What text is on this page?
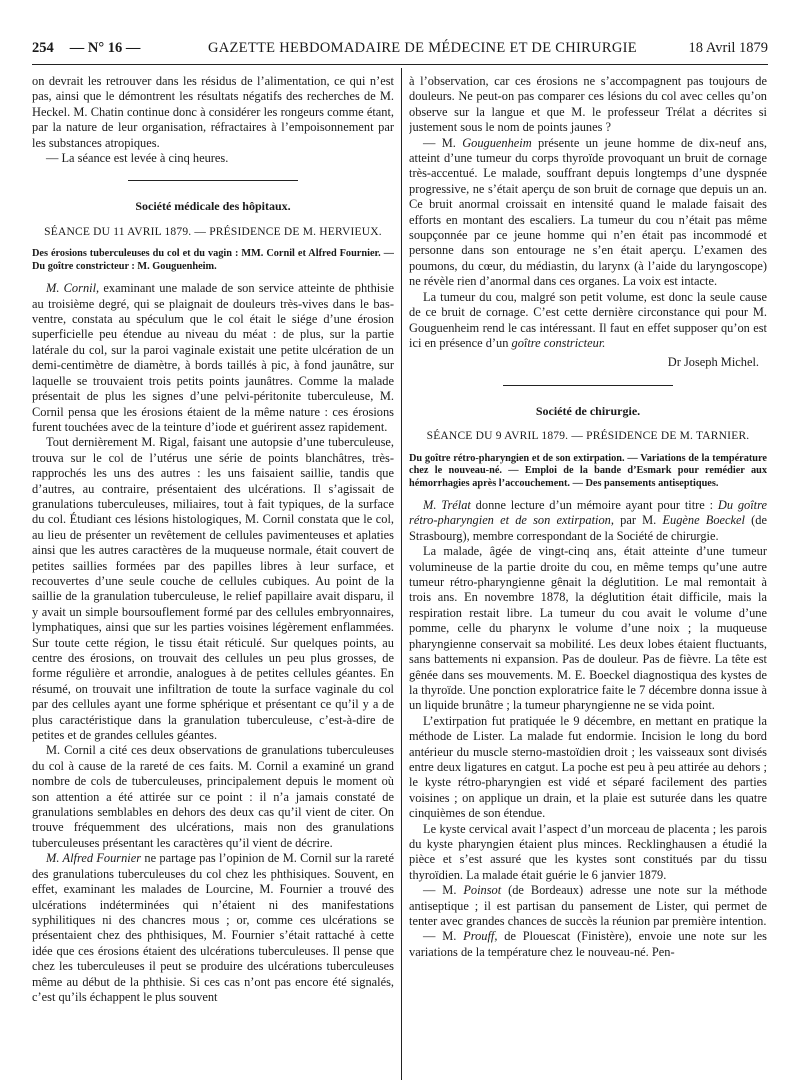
254 — N° 16 —	GAZETTE HEBDOMADAIRE DE MÉDECINE ET DE CHIRURGIE	18 Avril 1879

on devrait les retrouver dans les résidus de l’alimentation, ce qui n’est pas, ainsi que le démontrent les résultats négatifs des recherches de M. Heckel. M. Chatin continue donc à considérer les rongeurs comme étant, par la nature de leur organisation, réfractaires à l’empoisonnement par les substances atropiques.

— La séance est levée à cinq heures.

Société médicale des hôpitaux.
SÉANCE DU 11 AVRIL 1879. — PRÉSIDENCE DE M. HERVIEUX.

Des érosions tuberculeuses du col et du vagin : MM. Cornil et Alfred Fournier. — Du goître constricteur : M. Gouguenheim.

M. Cornil, examinant une malade de son service atteinte de phthisie au troisième degré, qui se plaignait de douleurs très-vives dans le bas-ventre, constata au spéculum que le col était le siége d’une érosion superficielle peu étendue au niveau du méat : de plus, sur la partie latérale du col, sur la paroi vaginale existait une petite ulcération de un demi-centimètre de diamètre, à bords taillés à pic, à fond jaunâtre, sur laquelle se trouvaient trois petits points jaunâtres. Comme la malade présentait de plus les signes d’une pelvi-péritonite tuberculeuse, M. Cornil pensa que les érosions étaient de la même nature : ces érosions furent touchées avec de la teinture d’iode et guérirent assez rapidement.

Tout dernièrement M. Rigal, faisant une autopsie d’une tuberculeuse, trouva sur le col de l’utérus une série de points blanchâtres, très-rapprochés les uns des autres : les uns faisaient saillie, tandis que d’autres, au contraire, présentaient des ulcérations. Il s’agissait de granulations tuberculeuses, miliaires, tout à fait typiques, de la surface du col. Étudiant ces lésions histologiques, M. Cornil constata que le col, au lieu de présenter un revêtement de cellules pavimenteuses et aplaties ainsi que les autres caractères de la muqueuse normale, était couvert de petites saillies formées par des papilles libres à leur surface, et recouvertes d’une seule couche de cellules cubiques. Au point de la saillie de la granulation tuberculeuse, le relief papillaire avait disparu, il y avait un simple boursouflement formé par des cellules embryonnaires, lymphatiques, ainsi que sur les parties voisines légèrement enflammées. Sur toute cette région, le tissu était réticulé. Sur quelques points, au centre des érosions, on trouvait des cellules un peu plus grosses, de forme régulière et arrondie, analogues à de petites cellules géantes. En résumé, on trouvait une infiltration de toute la surface vaginale du col par des cellules ayant une forme sphérique et présentant ce qu’il y a de plus caractéristique dans la granulation tuberculeuse, c’est-à-dire de petites et de grandes cellules géantes.

M. Cornil a cité ces deux observations de granulations tuberculeuses du col à cause de la rareté de ces faits. M. Cornil a examiné un grand nombre de cols de tuberculeuses, principalement depuis le moment où son attention a été attirée sur ce point : il n’a jamais constaté de granulations semblables en dehors des deux cas qu’il vient de citer. On trouve fréquemment des ulcérations, mais non des granulations tuberculeuses présentant les caractères qu’il vient de décrire.

M. Alfred Fournier ne partage pas l’opinion de M. Cornil sur la rareté des granulations tuberculeuses du col chez les phthisiques. Souvent, en effet, examinant les malades de Lourcine, M. Fournier a trouvé des ulcérations indéterminées qui n’étaient ni des manifestations syphilitiques ni des chancres mous ; or, comme ces ulcérations se présentaient chez des phthisiques, M. Fournier s’était rattaché à cette idée que ces érosions étaient des ulcérations tuberculeuses. Il pense que chez les tuberculeuses il peut se produire des ulcérations tuberculeuses même au début de la phthisie. Si ces cas n’ont pas encore été signalés, c’est qu’ils échappent le plus souvent

à l’observation, car ces érosions ne s’accompagnent pas toujours de douleurs. Ne peut-on pas comparer ces lésions du col avec celles qu’on observe sur la langue et que M. le professeur Trélat a décrites si justement sous le nom de points jaunes ?

— M. Gouguenheim présente un jeune homme de dix-neuf ans, atteint d’une tumeur du corps thyroïde provoquant un bruit de cornage très-accentué. Le malade, souffrant depuis longtemps d’une dyspnée progressive, ne s’était aperçu de son bruit de cornage que depuis un an. Ce bruit anormal croissait en intensité quand le malade faisait des efforts en montant des escaliers. La tumeur du cou n’était pas même soupçonnée par ce jeune homme qui n’en était pas incommodé et personne dans son entourage ne s’en était aperçu. L’examen des poumons, du cœur, du médiastin, du larynx (à l’aide du laryngoscope) ne révèle rien d’anormal dans ces organes. La voix est intacte.

La tumeur du cou, malgré son petit volume, est donc la seule cause de ce bruit de cornage. C’est cette dernière circonstance qui pour M. Gouguenheim rend le cas intéressant. Il faut en effet supposer qu’on est ici en présence d’un goître constricteur.

Dr Joseph Michel.
Société de chirurgie.
SÉANCE DU 9 AVRIL 1879. — PRÉSIDENCE DE M. TARNIER.

Du goître rétro-pharyngien et de son extirpation. — Variations de la température chez le nouveau-né. — Emploi de la bande d’Esmark pour remédier aux hémorrhagies après l’accouchement. — Des pansements antiseptiques.

M. Trélat donne lecture d’un mémoire ayant pour titre : Du goître rétro-pharyngien et de son extirpation, par M. Eugène Boeckel (de Strasbourg), membre correspondant de la Société de chirurgie.

La malade, âgée de vingt-cinq ans, était atteinte d’une tumeur volumineuse de la partie droite du cou, en même temps qu’une autre tumeur rétro-pharyngienne gênait la déglutition. Le mal remontait à trois ans. En novembre 1878, la déglutition était difficile, mais la respiration restait libre. La tumeur du cou avait le volume d’une pomme, celle du pharynx le volume d’une noix ; la muqueuse pharyngienne conservait sa mobilité. Les deux lobes étaient fluctuants, sans battements ni expansion. Pas de douleur. Pas de fièvre. La tête est gênée dans ses mouvements. M. E. Boeckel diagnostiqua des kystes de la thyroïde. Une ponction exploratrice faite le 7 décembre donna issue à un liquide brunâtre ; la tumeur pharyngienne ne se vida point.

L’extirpation fut pratiquée le 9 décembre, en mettant en pratique la méthode de Lister. La malade fut endormie. Incision le long du bord antérieur du muscle sterno-mastoïdien droit ; les vaisseaux sont divisés entre deux ligatures en catgut. La poche est peu à peu attirée au dehors ; le kyste rétro-pharyngien est vidé et séparé facilement des parties voisines ; on applique un drain, et la plaie est suturée dans les quatre cinquièmes de son étendue.

Le kyste cervical avait l’aspect d’un morceau de placenta ; les parois du kyste pharyngien étaient plus minces. Recklinghausen a étudié la pièce et s’est assuré que les kystes sont constitués par du tissu thyroïdien. La malade était guérie le 6 janvier 1879.

— M. Poinsot (de Bordeaux) adresse une note sur la méthode antiseptique ; il est partisan du pansement de Lister, qui permet de tenter avec grandes chances de succès la réunion par première intention.

— M. Prouff, de Plouescat (Finistère), envoie une note sur les variations de la température chez le nouveau-né. Pen-
